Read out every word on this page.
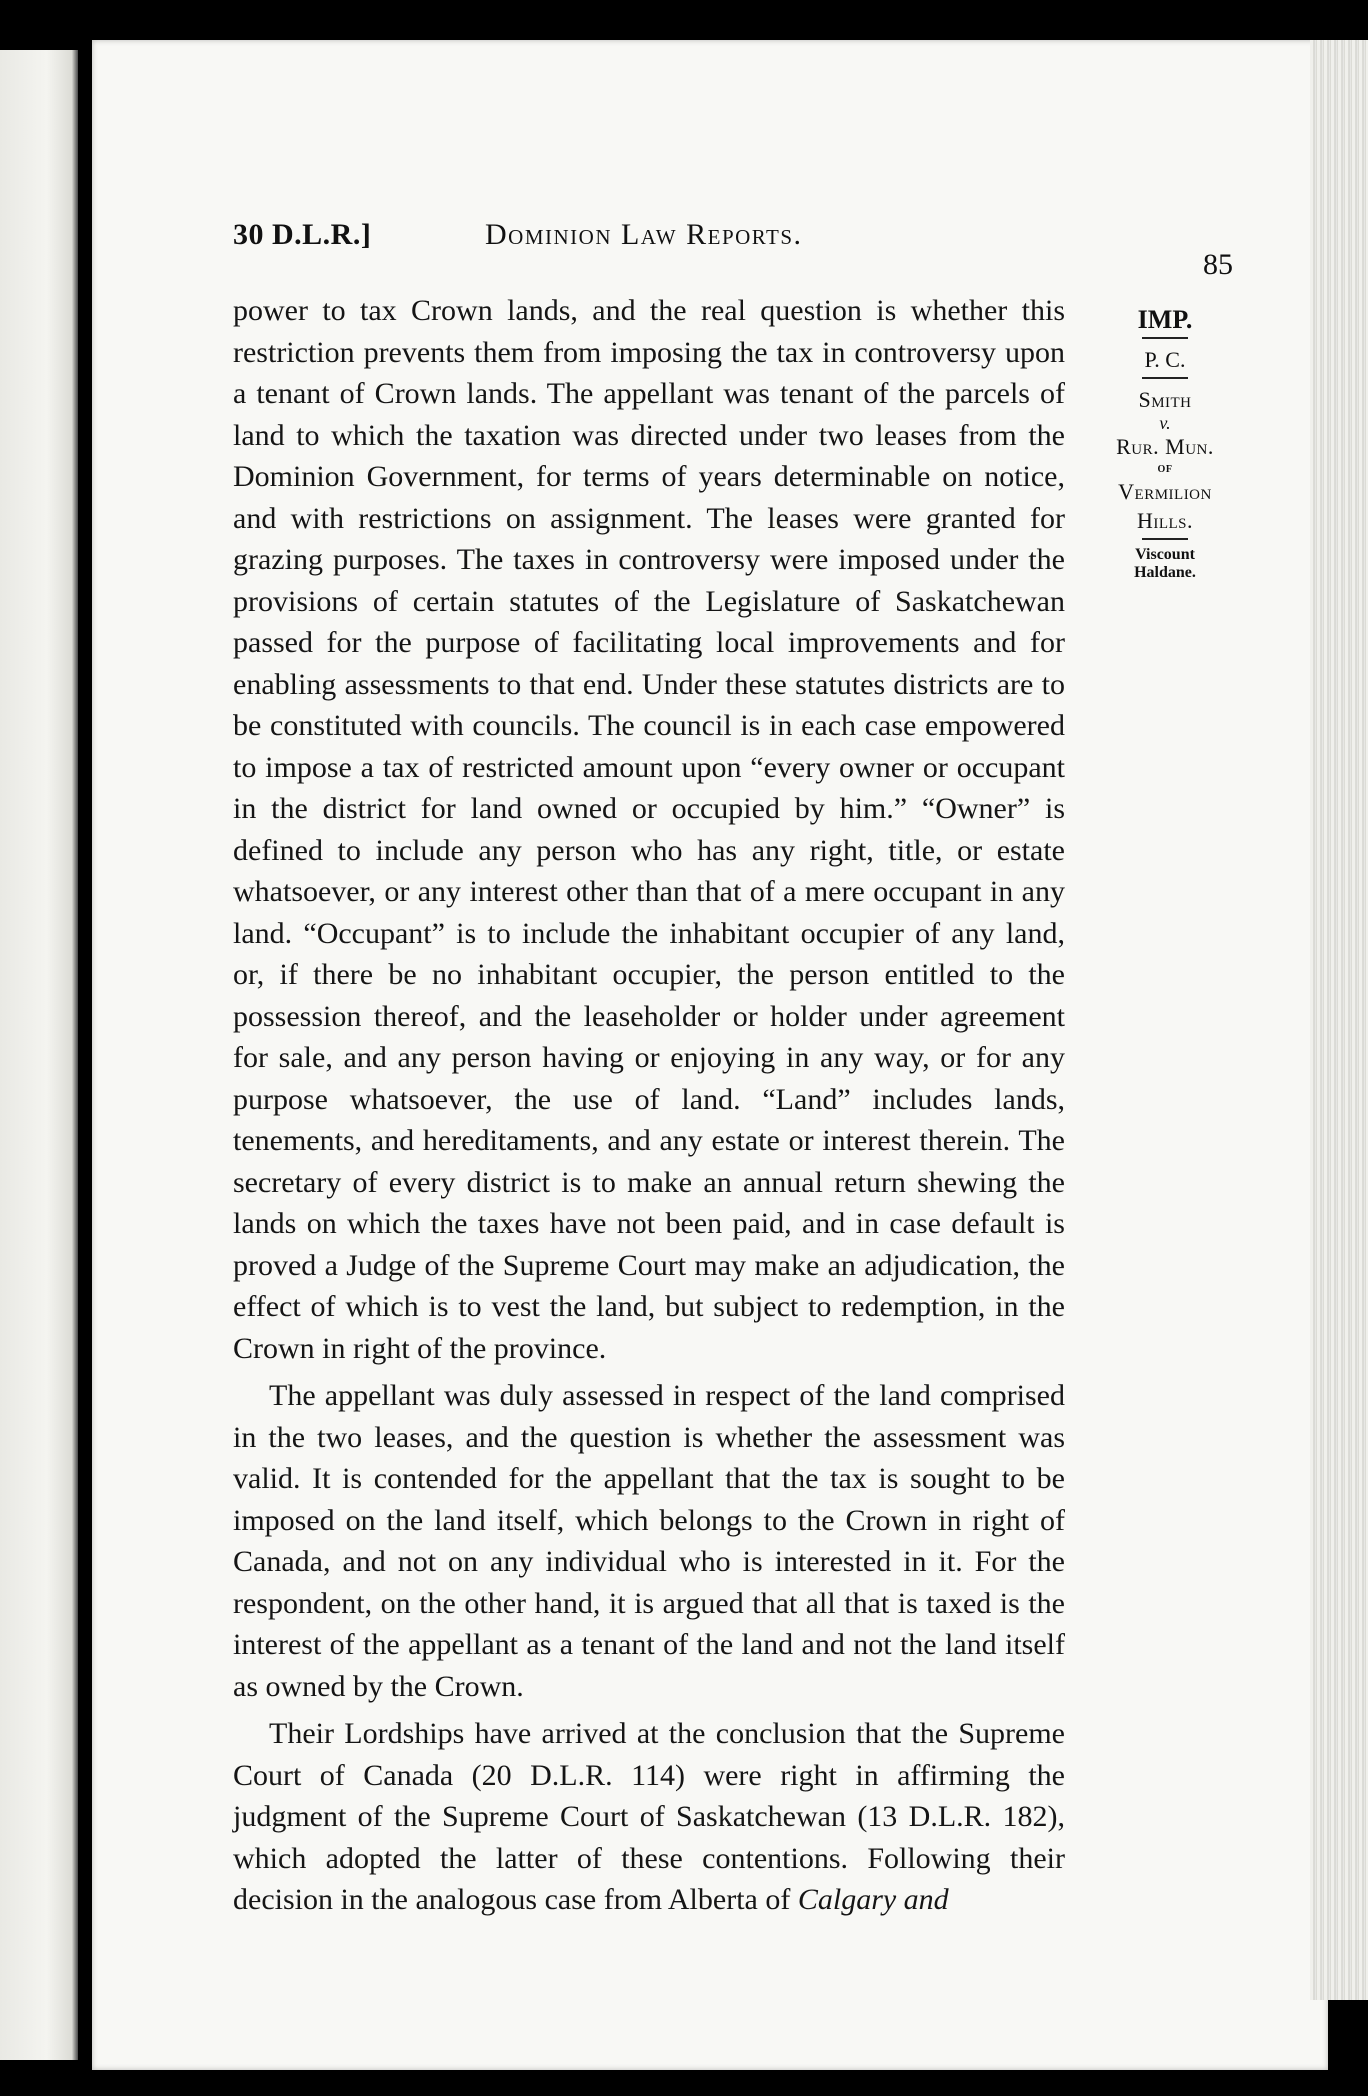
30 D.L.R.]	Dominion Law Reports.
85
IMP.
P. C.
Smith
v.
Rur. Mun.
of
Vermilion
Hills.
Viscount
Haldane.

power to tax Crown lands, and the real question is whether this restriction prevents them from imposing the tax in controversy upon a tenant of Crown lands. The appellant was tenant of the parcels of land to which the taxation was directed under two leases from the Dominion Government, for terms of years determinable on notice, and with restrictions on assignment. The leases were granted for grazing purposes. The taxes in controversy were imposed under the provisions of certain statutes of the Legislature of Saskatchewan passed for the purpose of facilitating local improvements and for enabling assessments to that end. Under these statutes districts are to be constituted with councils. The council is in each case empowered to impose a tax of restricted amount upon “every owner or occupant in the district for land owned or occupied by him.” “Owner” is defined to include any person who has any right, title, or estate whatsoever, or any interest other than that of a mere occupant in any land. “Occupant” is to include the inhabitant occupier of any land, or, if there be no inhabitant occupier, the person entitled to the possession thereof, and the leaseholder or holder under agreement for sale, and any person having or enjoying in any way, or for any purpose whatsoever, the use of land. “Land” includes lands, tenements, and hereditaments, and any estate or interest therein. The secretary of every district is to make an annual return shewing the lands on which the taxes have not been paid, and in case default is proved a Judge of the Supreme Court may make an adjudication, the effect of which is to vest the land, but subject to redemption, in the Crown in right of the province.

The appellant was duly assessed in respect of the land comprised in the two leases, and the question is whether the assessment was valid. It is contended for the appellant that the tax is sought to be imposed on the land itself, which belongs to the Crown in right of Canada, and not on any individual who is interested in it. For the respondent, on the other hand, it is argued that all that is taxed is the interest of the appellant as a tenant of the land and not the land itself as owned by the Crown.

Their Lordships have arrived at the conclusion that the Supreme Court of Canada (20 D.L.R. 114) were right in affirming the judgment of the Supreme Court of Saskatchewan (13 D.L.R. 182), which adopted the latter of these contentions. Following their decision in the analogous case from Alberta of Calgary and
